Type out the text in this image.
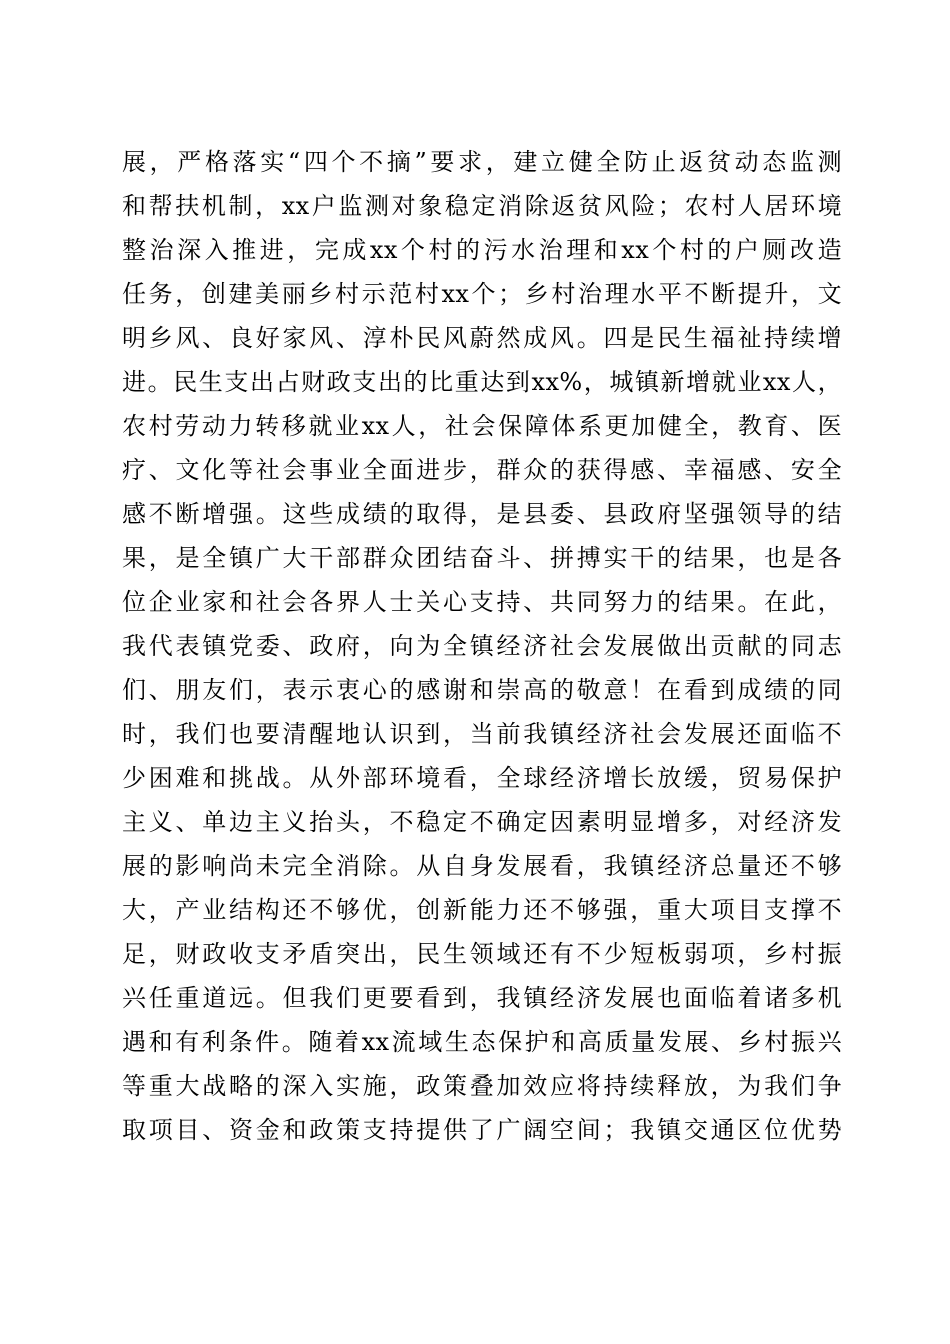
展，严格落实“四个不摘”要求，建立健全防止返贫动态监测
和帮扶机制，xx户监测对象稳定消除返贫风险；农村人居环境
整治深入推进，完成xx个村的污水治理和xx个村的户厕改造
任务，创建美丽乡村示范村xx个；乡村治理水平不断提升，文
明乡风、良好家风、淳朴民风蔚然成风。四是民生福祉持续增
进。民生支出占财政支出的比重达到xx%，城镇新增就业xx人，
农村劳动力转移就业xx人，社会保障体系更加健全，教育、医
疗、文化等社会事业全面进步，群众的获得感、幸福感、安全
感不断增强。这些成绩的取得，是县委、县政府坚强领导的结
果，是全镇广大干部群众团结奋斗、拼搏实干的结果，也是各
位企业家和社会各界人士关心支持、共同努力的结果。在此，
我代表镇党委、政府，向为全镇经济社会发展做出贡献的同志
们、朋友们，表示衷心的感谢和崇高的敬意！在看到成绩的同
时，我们也要清醒地认识到，当前我镇经济社会发展还面临不
少困难和挑战。从外部环境看，全球经济增长放缓，贸易保护
主义、单边主义抬头，不稳定不确定因素明显增多，对经济发
展的影响尚未完全消除。从自身发展看，我镇经济总量还不够
大，产业结构还不够优，创新能力还不够强，重大项目支撑不
足，财政收支矛盾突出，民生领域还有不少短板弱项，乡村振
兴任重道远。但我们更要看到，我镇经济发展也面临着诸多机
遇和有利条件。随着xx流域生态保护和高质量发展、乡村振兴
等重大战略的深入实施，政策叠加效应将持续释放，为我们争
取项目、资金和政策支持提供了广阔空间；我镇交通区位优势
